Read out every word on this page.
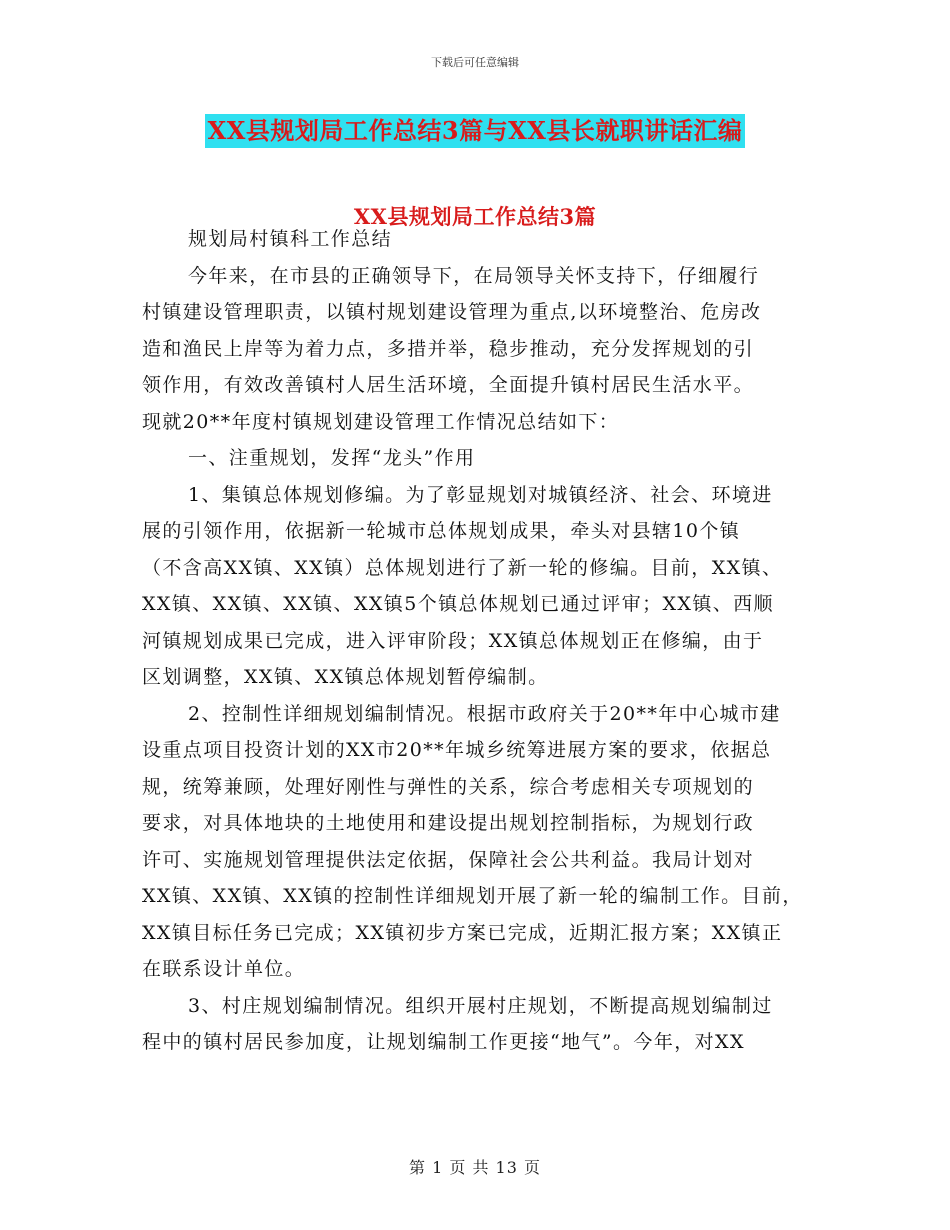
下载后可任意编辑
XX县规划局工作总结3篇与XX县长就职讲话汇编
XX县规划局工作总结3篇
规划局村镇科工作总结
今年来，在市县的正确领导下，在局领导关怀支持下，仔细履行
村镇建设管理职责，以镇村规划建设管理为重点,以环境整治、危房改
造和渔民上岸等为着力点，多措并举，稳步推动，充分发挥规划的引
领作用，有效改善镇村人居生活环境，全面提升镇村居民生活水平。
现就20**年度村镇规划建设管理工作情况总结如下：
一、注重规划，发挥“龙头”作用
1、集镇总体规划修编。为了彰显规划对城镇经济、社会、环境进
展的引领作用，依据新一轮城市总体规划成果，牵头对县辖10个镇
（不含高XX镇、XX镇）总体规划进行了新一轮的修编。目前，XX镇、
XX镇、XX镇、XX镇、XX镇5个镇总体规划已通过评审；XX镇、西顺
河镇规划成果已完成，进入评审阶段；XX镇总体规划正在修编，由于
区划调整，XX镇、XX镇总体规划暂停编制。
2、控制性详细规划编制情况。根据市政府关于20**年中心城市建
设重点项目投资计划的XX市20**年城乡统筹进展方案的要求，依据总
规，统筹兼顾，处理好刚性与弹性的关系，综合考虑相关专项规划的
要求，对具体地块的土地使用和建设提出规划控制指标，为规划行政
许可、实施规划管理提供法定依据，保障社会公共利益。我局计划对
XX镇、XX镇、XX镇的控制性详细规划开展了新一轮的编制工作。目前，
XX镇目标任务已完成；XX镇初步方案已完成，近期汇报方案；XX镇正
在联系设计单位。
3、村庄规划编制情况。组织开展村庄规划，不断提高规划编制过
程中的镇村居民参加度，让规划编制工作更接“地气”。今年，对XX
第 1 页 共 13 页
